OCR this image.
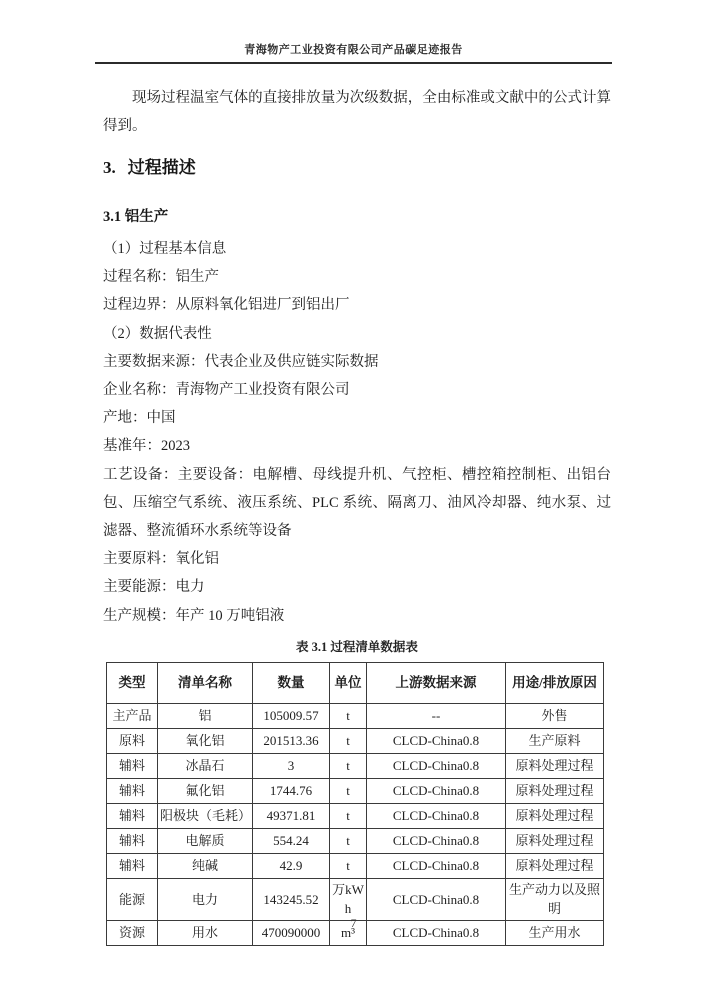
青海物产工业投资有限公司产品碳足迹报告

现场过程温室气体的直接排放量为次级数据，全由标准或文献中的公式计算得到。

3. 过程描述
3.1 铝生产
（1）过程基本信息
过程名称：铝生产
过程边界：从原料氧化铝进厂到铝出厂
（2）数据代表性
主要数据来源：代表企业及供应链实际数据
企业名称：青海物产工业投资有限公司
产地：中国
基准年：2023
工艺设备：主要设备：电解槽、母线提升机、气控柜、槽控箱控制柜、出铝台包、压缩空气系统、液压系统、PLC 系统、隔离刀、油风冷却器、纯水泵、过滤器、整流循环水系统等设备
主要原料：氧化铝
主要能源：电力
生产规模：年产 10 万吨铝液
表 3.1 过程清单数据表
类型	清单名称	数量	单位	上游数据来源	用途/排放原因
主产品	铝	105009.57	t	--	外售
原料	氧化铝	201513.36	t	CLCD-China0.8	生产原料
辅料	冰晶石	3	t	CLCD-China0.8	原料处理过程
辅料	氟化铝	1744.76	t	CLCD-China0.8	原料处理过程
辅料	阳极块（毛耗）	49371.81	t	CLCD-China0.8	原料处理过程
辅料	电解质	554.24	t	CLCD-China0.8	原料处理过程
辅料	纯碱	42.9	t	CLCD-China0.8	原料处理过程
能源	电力	143245.52	万kWh	CLCD-China0.8	生产动力以及照明
资源	用水	470090000	m³	CLCD-China0.8	生产用水
7
